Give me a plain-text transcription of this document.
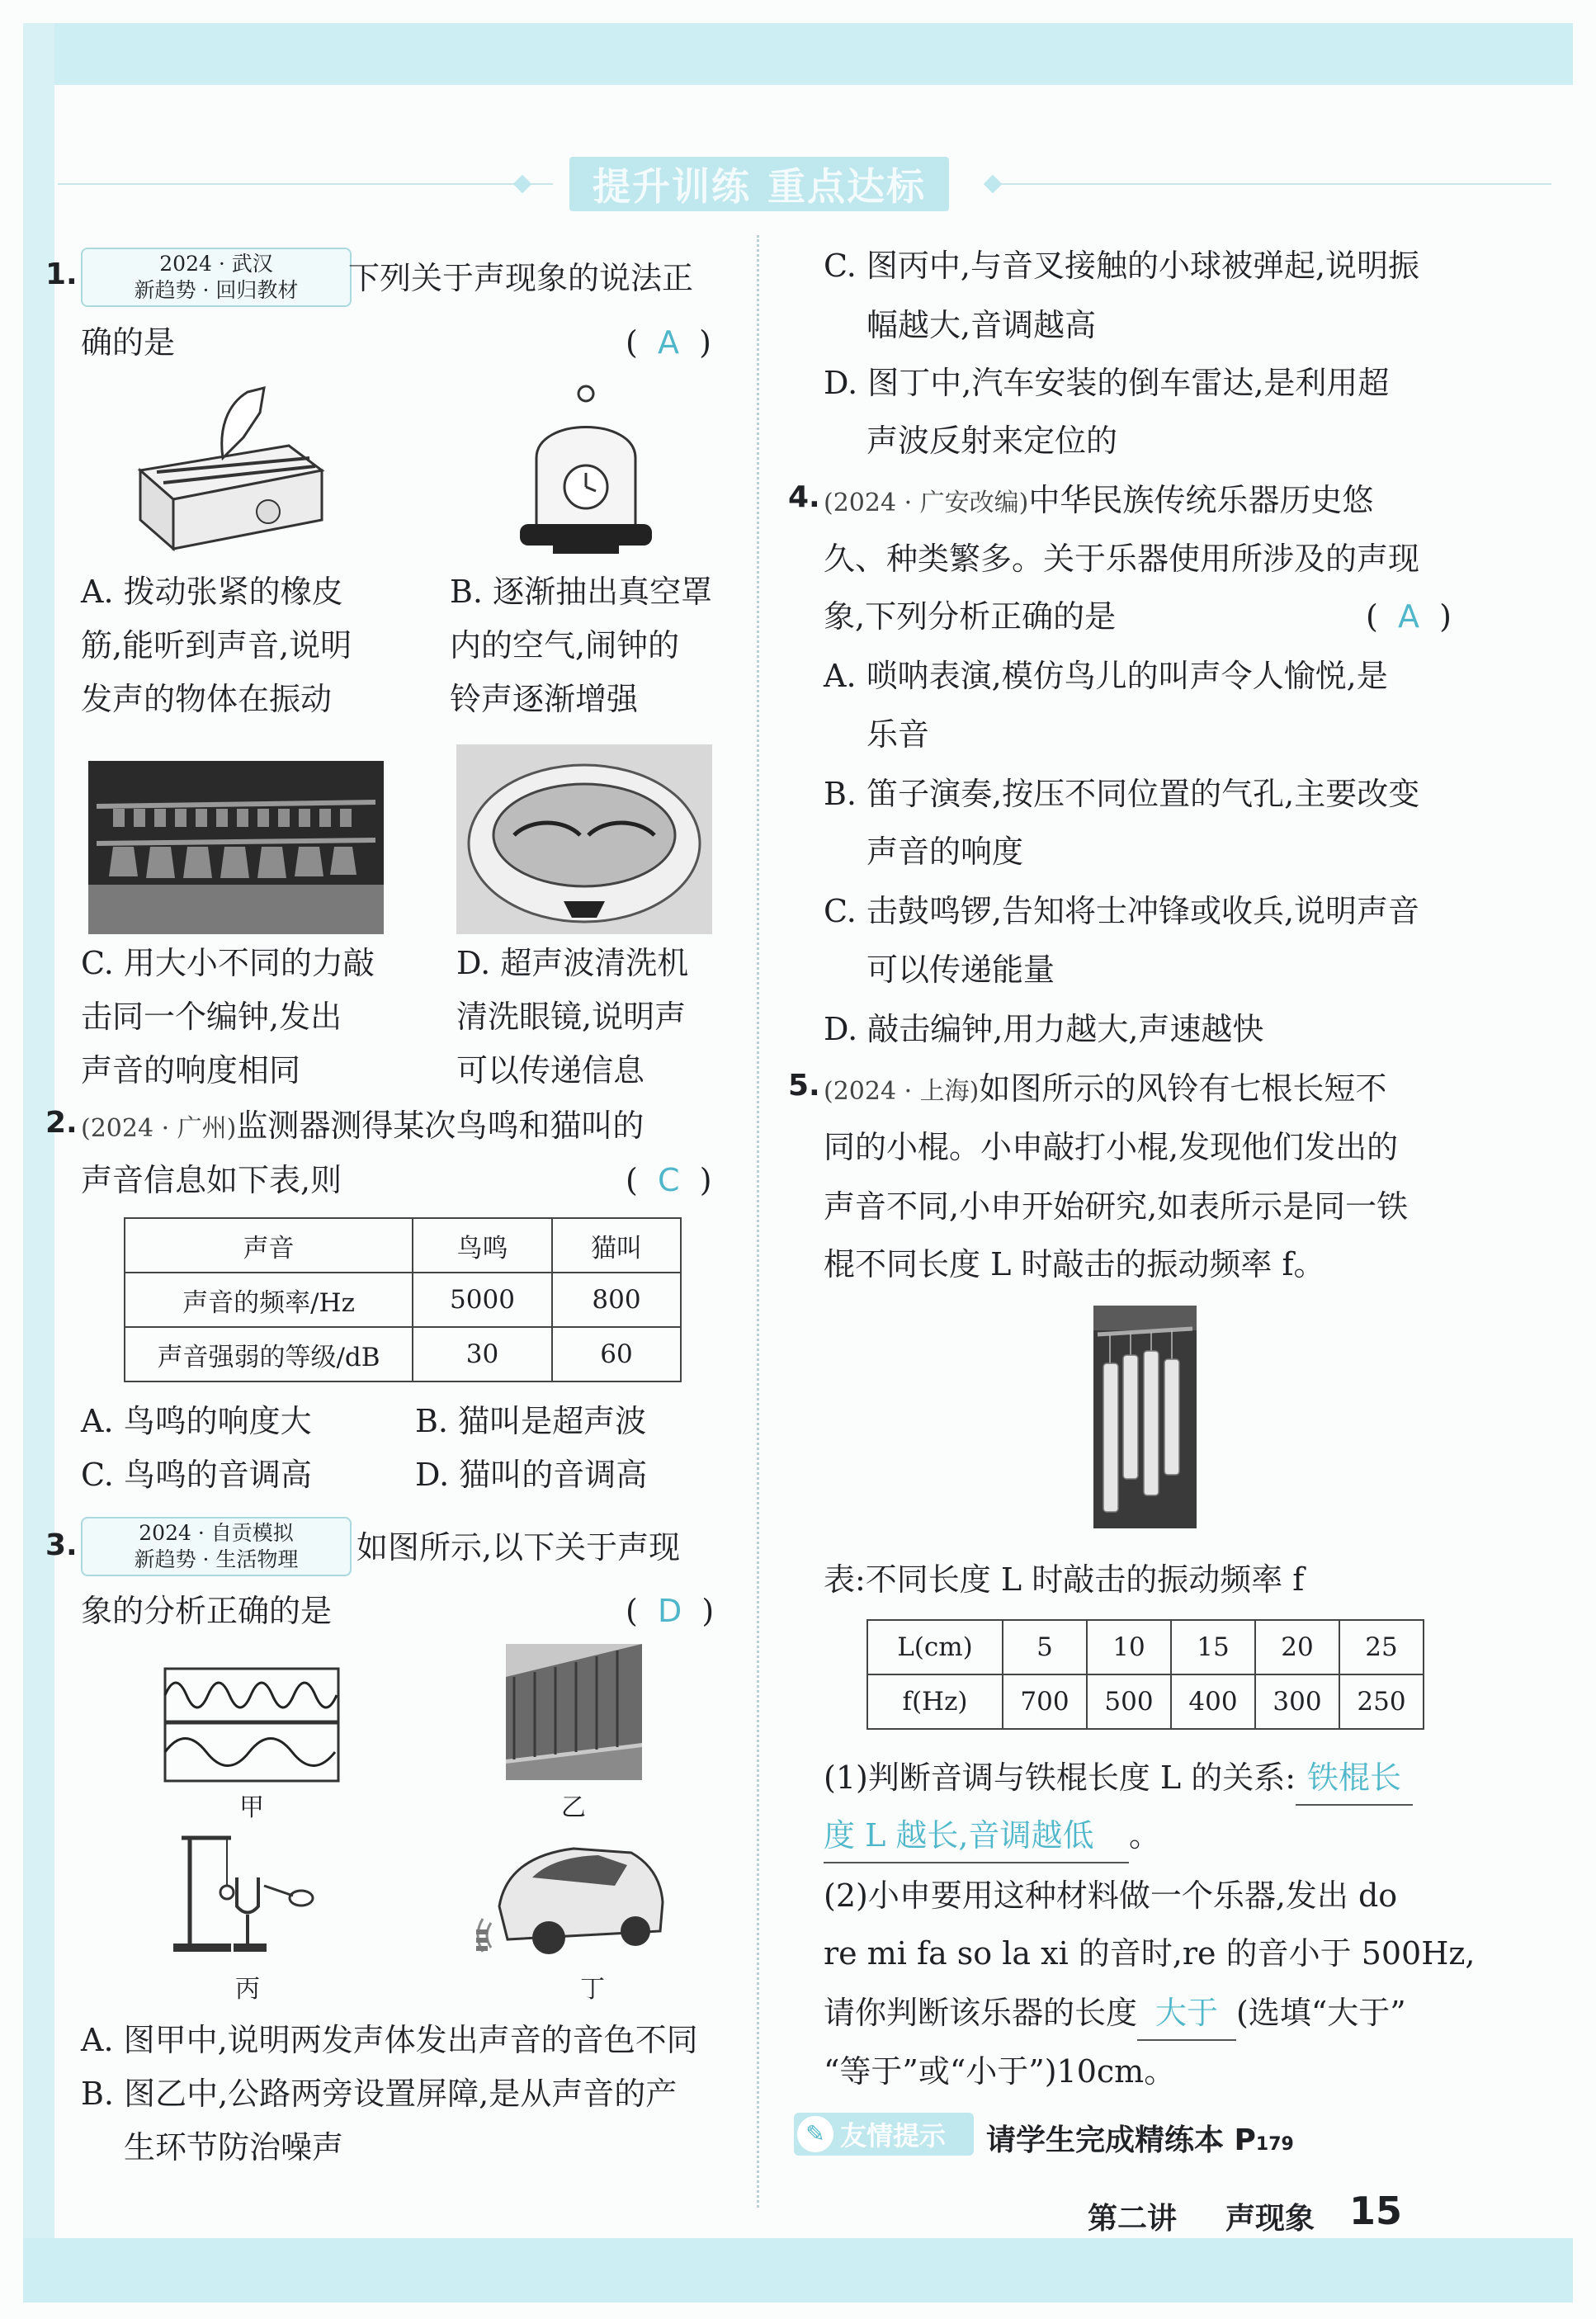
提升训练 重点达标
1.	2024 · 武汉
新趋势 · 回归教材	下列关于声现象的说法正
确的是	(  A  )
A. 拨动张紧的橡皮
筋,能听到声音,说明
发声的物体在振动
B. 逐渐抽出真空罩
内的空气,闹钟的
铃声逐渐增强
C. 用大小不同的力敲
击同一个编钟,发出
声音的响度相同
D. 超声波清洗机
清洗眼镜,说明声
可以传递信息
2. (2024 · 广州)监测器测得某次鸟鸣和猫叫的
声音信息如下表,则	(  C  )
声音	鸟鸣	猫叫
声音的频率/Hz	5000	800
声音强弱的等级/dB	30	60
A. 鸟鸣的响度大	B. 猫叫是超声波
C. 鸟鸣的音调高	D. 猫叫的音调高
3.	2024 · 自贡模拟
新趋势 · 生活物理	如图所示,以下关于声现
象的分析正确的是	(  D  )
甲	乙
丙	丁
A. 图甲中,说明两发声体发出声音的音色不同
B. 图乙中,公路两旁设置屏障,是从声音的产
生环节防治噪声
C. 图丙中,与音叉接触的小球被弹起,说明振
幅越大,音调越高
D. 图丁中,汽车安装的倒车雷达,是利用超
声波反射来定位的
4. (2024 · 广安改编)中华民族传统乐器历史悠
久、种类繁多。关于乐器使用所涉及的声现
象,下列分析正确的是	(  A  )
A. 唢呐表演,模仿鸟儿的叫声令人愉悦,是
乐音
B. 笛子演奏,按压不同位置的气孔,主要改变
声音的响度
C. 击鼓鸣锣,告知将士冲锋或收兵,说明声音
可以传递能量
D. 敲击编钟,用力越大,声速越快
5. (2024 · 上海)如图所示的风铃有七根长短不
同的小棍。小申敲打小棍,发现他们发出的
声音不同,小申开始研究,如表所示是同一铁
棍不同长度 L 时敲击的振动频率 f。
表:不同长度 L 时敲击的振动频率 f
L(cm)	5	10	15	20	25
f(Hz)	700	500	400	300	250
(1)判断音调与铁棍长度 L 的关系: 铁棍长
度 L 越长,音调越低 。
(2)小申要用这种材料做一个乐器,发出 do
re mi fa so la xi 的音时,re 的音小于 500Hz,
请你判断该乐器的长度 大于 (选填“大于”
“等于”或“小于”)10cm。
✎ 友情提示 请学生完成精练本 P179
第二讲 声现象 15
